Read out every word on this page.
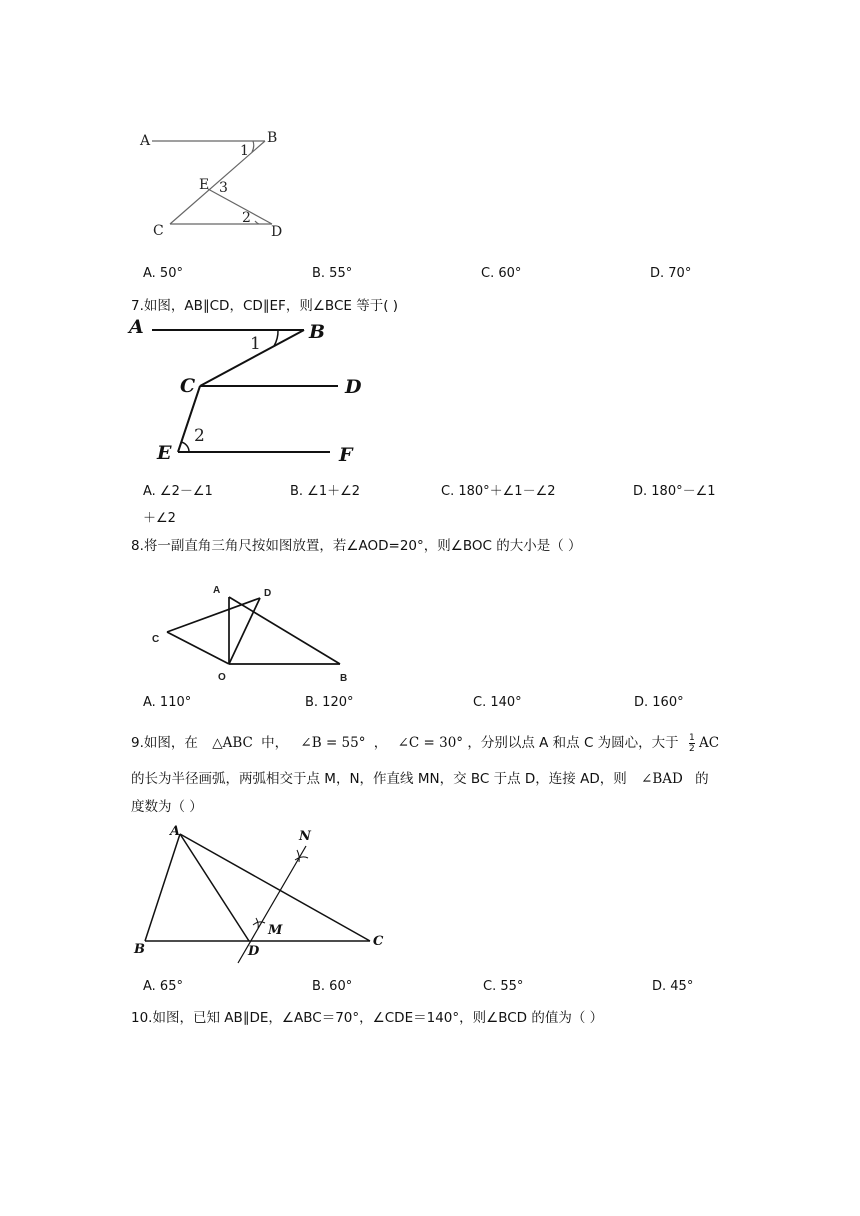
A	B
1
E 3
2
C	D
A. 50°	B. 55°	C. 60°	D. 70°
7.如图，AB∥CD，CD∥EF，则∠BCE 等于( )
A	B
1
C	D
2
E	F
A. ∠2－∠1	B. ∠1＋∠2	C. 180°＋∠1－∠2	D. 180°－∠1
＋∠2
8.将一副直角三角尺按如图放置，若∠AOD=20°，则∠BOC 的大小是（ ）
A	D
C
O	B
A. 110°	B. 120°	C. 140°	D. 160°
9.如图，在 △ABC 中， ∠B = 55° ， ∠C = 30° ，分别以点 A 和点 C 为圆心，大于 $\frac{1}{2}$ AC
的长为半径画弧，两弧相交于点 M，N，作直线 MN，交 BC 于点 D，连接 AD，则 ∠BAD 的
度数为（ ）
A	N
M
B	D
C
A. 65°	B. 60°	C. 55°	D. 45°
10.如图，已知 AB∥DE，∠ABC＝70°，∠CDE＝140°，则∠BCD 的值为（ ）
